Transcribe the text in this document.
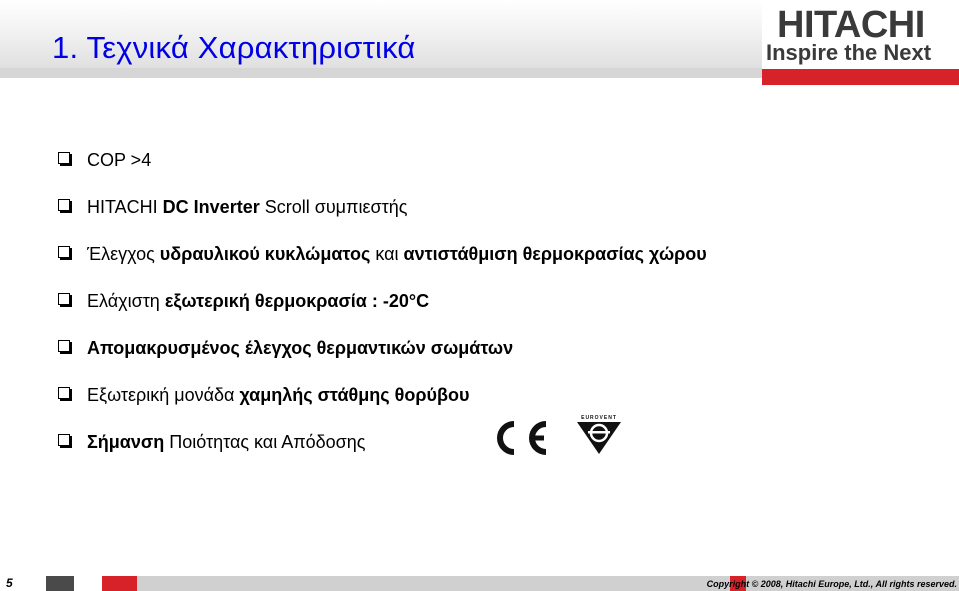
1. Τεχνικά Χαρακτηριστικά
HITACHI
Inspire the Next
COP >4
HITACHI DC Inverter Scroll συμπιεστής
Έλεγχος υδραυλικού κυκλώματος και αντιστάθμιση θερμοκρασίας χώρου
Ελάχιστη εξωτερική θερμοκρασία : -20°C
Απομακρυσμένος έλεγχος θερμαντικών σωμάτων
Εξωτερική μονάδα χαμηλής στάθμης θορύβου
Σήμανση Ποιότητας και Απόδοσης
EUROVENT
5	Copyright © 2008, Hitachi Europe, Ltd., All rights reserved.
